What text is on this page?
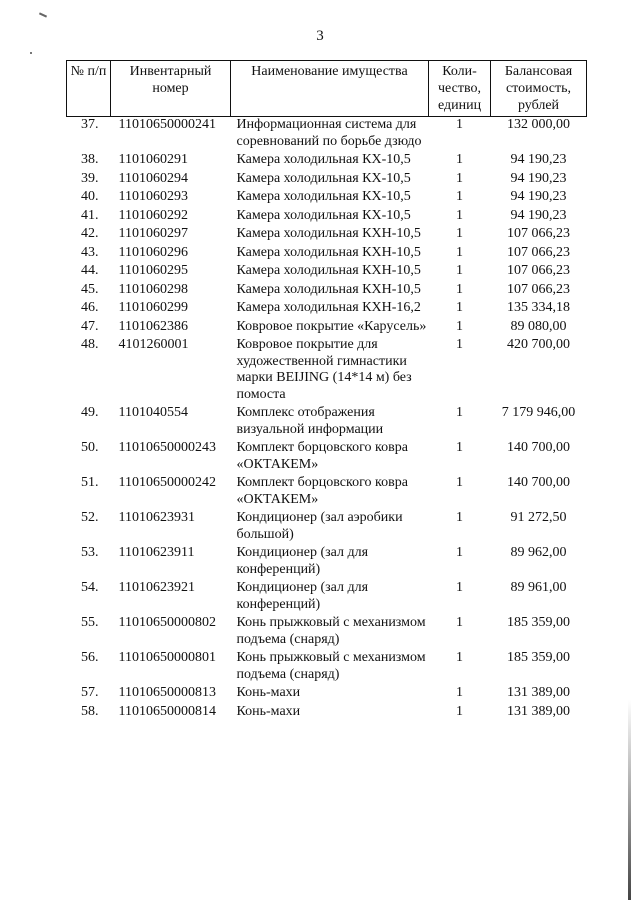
3
№ п/п	Инвентарный номер	Наименование имущества	Коли-чество, единиц	Балансовая стоимость, рублей
37.	11010650000241	Информационная система для соревнований по борьбе дзюдо	1	132 000,00
38.	1101060291	Камера холодильная КХ-10,5	1	94 190,23
39.	1101060294	Камера холодильная КХ-10,5	1	94 190,23
40.	1101060293	Камера холодильная КХ-10,5	1	94 190,23
41.	1101060292	Камера холодильная КХ-10,5	1	94 190,23
42.	1101060297	Камера холодильная КХН-10,5	1	107 066,23
43.	1101060296	Камера холодильная КХН-10,5	1	107 066,23
44.	1101060295	Камера холодильная КХН-10,5	1	107 066,23
45.	1101060298	Камера холодильная КХН-10,5	1	107 066,23
46.	1101060299	Камера холодильная КХН-16,2	1	135 334,18
47.	1101062386	Ковровое покрытие «Карусель»	1	89 080,00
48.	4101260001	Ковровое покрытие для художественной гимнастики марки BEIJING (14*14 м) без помоста	1	420 700,00
49.	1101040554	Комплекс отображения визуальной информации	1	7 179 946,00
50.	11010650000243	Комплект борцовского ковра «ОКТАКЕМ»	1	140 700,00
51.	11010650000242	Комплект борцовского ковра «ОКТАКЕМ»	1	140 700,00
52.	11010623931	Кондиционер (зал аэробики большой)	1	91 272,50
53.	11010623911	Кондиционер (зал для конференций)	1	89 962,00
54.	11010623921	Кондиционер (зал для конференций)	1	89 961,00
55.	11010650000802	Конь прыжковый с механизмом подъема (снаряд)	1	185 359,00
56.	11010650000801	Конь прыжковый с механизмом подъема (снаряд)	1	185 359,00
57.	11010650000813	Конь-махи	1	131 389,00
58.	11010650000814	Конь-махи	1	131 389,00
